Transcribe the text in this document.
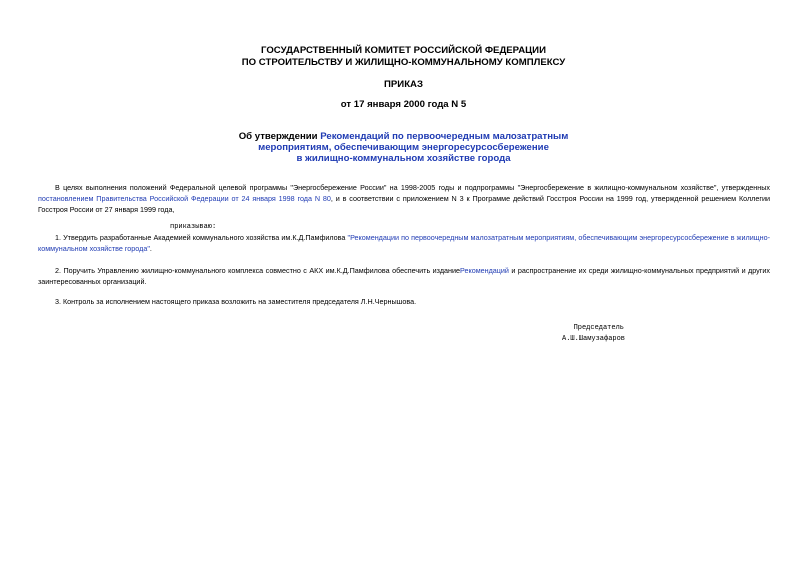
ГОСУДАРСТВЕННЫЙ КОМИТЕТ РОССИЙСКОЙ ФЕДЕРАЦИИ
ПО СТРОИТЕЛЬСТВУ И ЖИЛИЩНО-КОММУНАЛЬНОМУ КОМПЛЕКСУ
ПРИКАЗ
от 17 января 2000 года N 5
Об утверждении Рекомендаций по первоочередным малозатратным
мероприятиям, обеспечивающим энергоресурсосбережение
в жилищно-коммунальном хозяйстве города

В целях выполнения положений Федеральной целевой программы "Энергосбережение России" на 1998-2005 годы и подпрограммы "Энергосбережение в жилищно-коммунальном хозяйстве", утвержденных постановлением Правительства Российской Федерации от 24 января 1998 года N 80, и в соответствии с приложением N 3 к Программе действий Госстроя России на 1999 год, утвержденной решением Коллегии Госстроя России от 27 января 1999 года,

приказываю:

1. Утвердить разработанные Академией коммунального хозяйства им.К.Д.Памфилова "Рекомендации по первоочередным малозатратным мероприятиям, обеспечивающим энергоресурсосбережение в жилищно-коммунальном хозяйстве города".

2. Поручить Управлению жилищно-коммунального комплекса совместно с АКХ им.К.Д.Памфилова обеспечить изданиеРекомендаций и распространение их среди жилищно-коммунальных предприятий и других заинтересованных организаций.

3. Контроль за исполнением настоящего приказа возложить на заместителя председателя Л.Н.Чернышова.

Председатель
А.Ш.Шамузафаров
